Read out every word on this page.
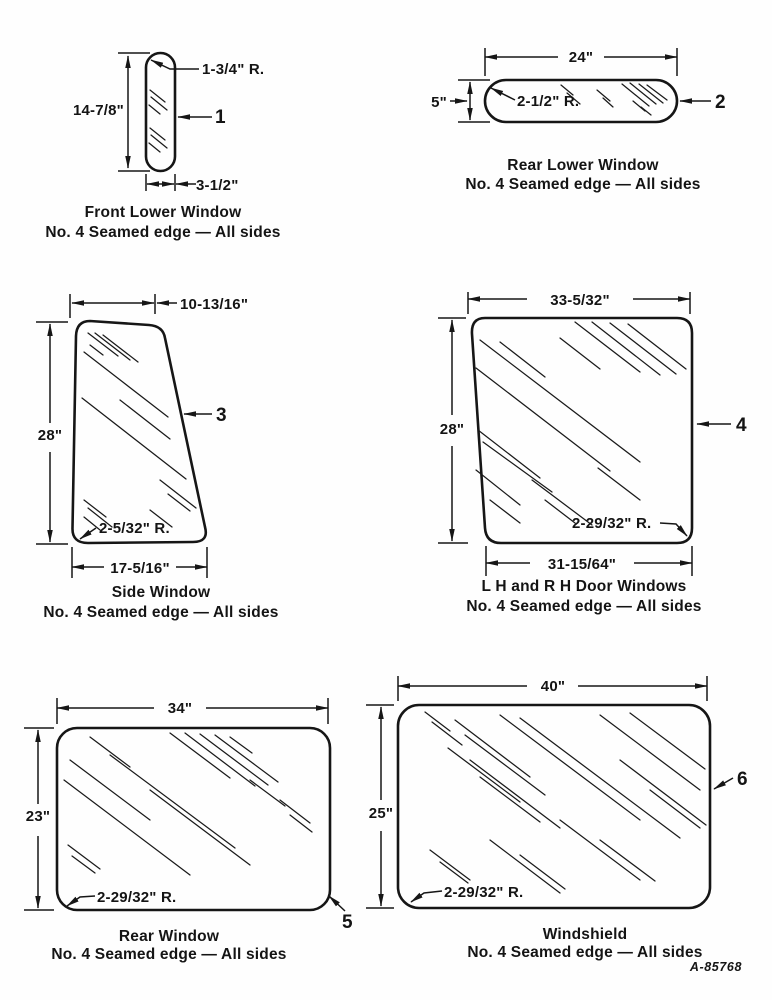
14-7/8"
3-1/2"
1-3/4" R.
1
Front Lower Window
No. 4 Seamed edge — All sides
24"
5"	2-1/2" R.	2
Rear Lower Window
No. 4 Seamed edge — All sides
10-13/16"
28"
17-5/16"
2-5/32" R.
3
Side Window
No. 4 Seamed edge — All sides
33-5/32"
28"
31-15/64"
2-29/32" R.
4
L H and R H Door Windows
No. 4 Seamed edge — All sides
34"
23"
2-29/32" R.
5
Rear Window
No. 4 Seamed edge — All sides
40"
25"
2-29/32" R.
6
Windshield
No. 4 Seamed edge — All sides
A-85768
